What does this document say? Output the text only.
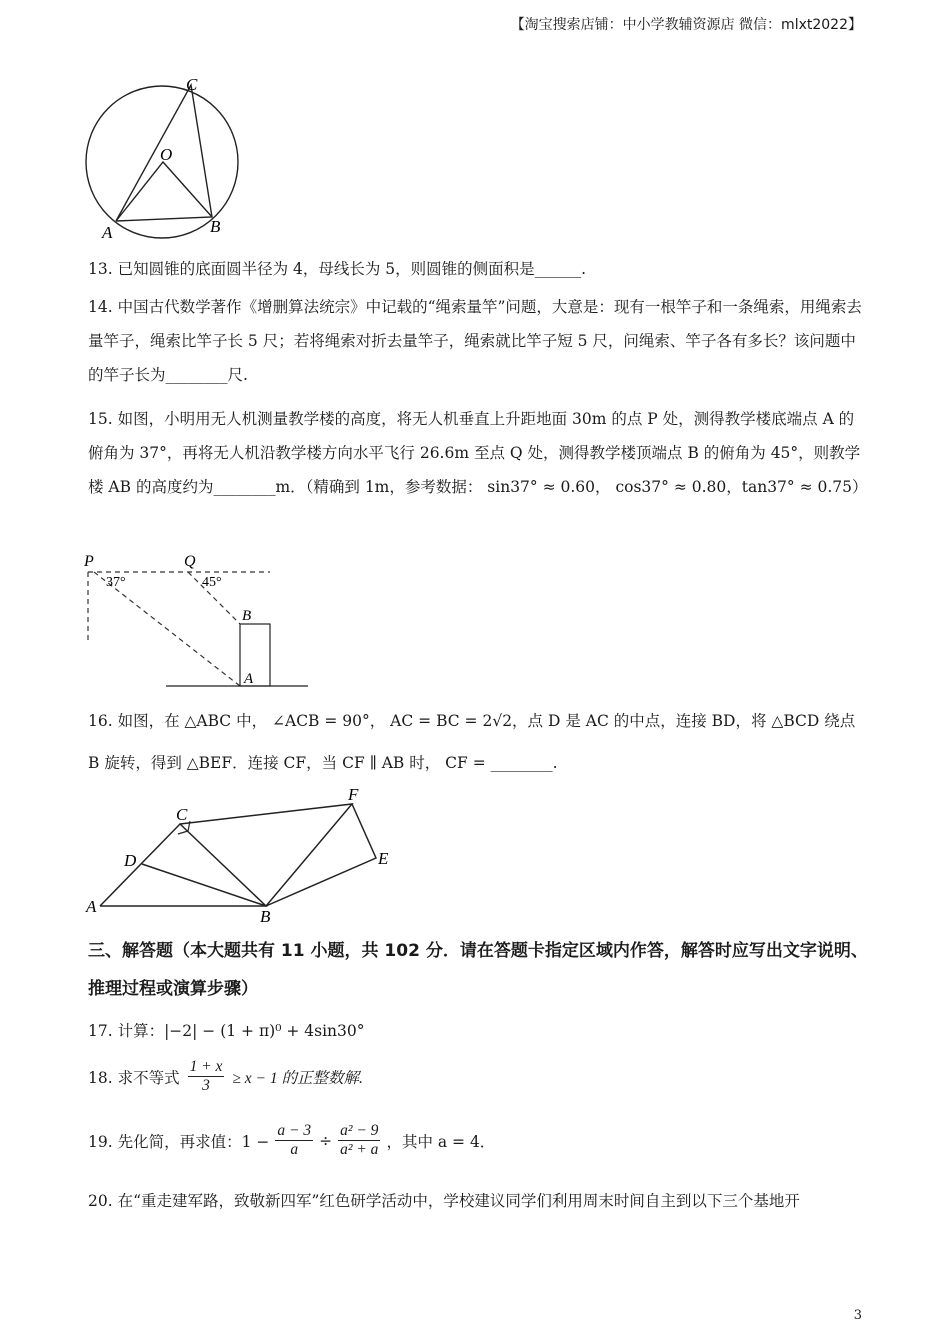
【淘宝搜索店铺：中小学教辅资源店 微信：mlxt2022】
C
O
A	B
13. 已知圆锥的底面圆半径为 4，母线长为 5，则圆锥的侧面积是______.
14. 中国古代数学著作《增删算法统宗》中记载的“绳索量竿”问题，大意是：现有一根竿子和一条绳索，用绳索去量竿子，绳索比竿子长 5 尺；若将绳索对折去量竿子，绳索就比竿子短 5 尺，问绳索、竿子各有多长？该问题中的竿子长为________尺.
15. 如图，小明用无人机测量教学楼的高度，将无人机垂直上升距地面 30m 的点 P 处，测得教学楼底端点 A 的俯角为 37°，再将无人机沿教学楼方向水平飞行 26.6m 至点 Q 处，测得教学楼顶端点 B 的俯角为 45°，则教学楼 AB 的高度约为________m．（精确到 1m，参考数据： sin37° ≈ 0.60， cos37° ≈ 0.80，tan37° ≈ 0.75）
P	Q
B
A
37°	45°
16. 如图，在 △ABC 中， ∠ACB = 90°， AC = BC = 2√2，点 D 是 AC 的中点，连接 BD，将 △BCD 绕点
B 旋转，得到 △BEF．连接 CF，当 CF ∥ AB 时， CF = ________.
C
F
D	E
A
B
三、解答题（本大题共有 11 小题，共 102 分．请在答题卡指定区域内作答，解答时应写出文字说明、推理过程或演算步骤）
17. 计算：|−2| − (1 + π)⁰ + 4sin30°
18. 求不等式 $\frac{1 + x}{3} \ge x - 1$ 的正整数解.
19. 先化简，再求值：$1 - \frac{a - 3}{a} \div \frac{\text{a² − 9}}{\text{a² + a}}$ ，其中 a = 4．
20. 在“重走建军路，致敬新四军”红色研学活动中，学校建议同学们利用周末时间自主到以下三个基地开
3
